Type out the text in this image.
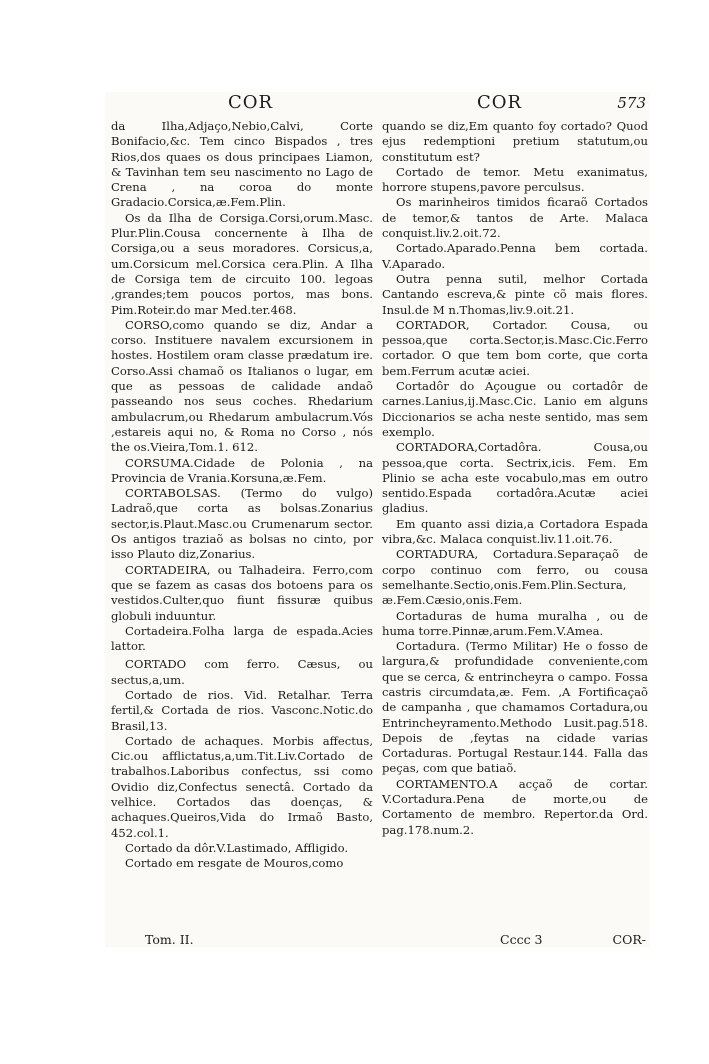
COR	COR	573

da Ilha,Adjaço,Nebio,Calvi, Corte Bonifacio,&c. Tem cinco Bispados , tres Rios,dos quaes os dous principaes Liamon, & Tavinhan tem seu nascimento no Lago de Crena , na coroa do monte Gradacio.Corsica,æ.Fem.Plin.

Os da Ilha de Corsiga.Corsi,orum.Masc. Plur.Plin.Cousa concernente à Ilha de Corsiga,ou a seus moradores. Corsicus,a, um.Corsicum mel.Corsica cera.Plin. A Ilha de Corsiga tem de circuito 100. legoas ,grandes;tem poucos portos, mas bons. Pim.Roteir.do mar Med.ter.468.

CORSO,como quando se diz, Andar a corso. Instituere navalem excursionem in hostes. Hostilem oram classe prædatum ire. Corso.Assi chamaõ os Italianos o lugar, em que as pessoas de calidade andaõ passeando nos seus coches. Rhedarium ambulacrum,ou Rhedarum ambulacrum.Vós ,estareis aqui no, & Roma no Corso , nós the os.Vieira,Tom.1. 612.

CORSUMA.Cidade de Polonia , na Provincia de Vrania.Korsuna,æ.Fem.

CORTABOLSAS. (Termo do vulgo) Ladraõ,que corta as bolsas.Zonarius sector,is.Plaut.Masc.ou Crumenarum sector. Os antigos traziaõ as bolsas no cinto, por isso Plauto diz,Zonarius.

CORTADEIRA, ou Talhadeira. Ferro,com que se fazem as casas dos botoens para os vestidos.Culter,quo fiunt fissuræ quibus globuli induuntur.

Cortadeira.Folha larga de espada.Acies lattor.

CORTADO com ferro. Cæsus, ou sectus,a,um.

Cortado de rios. Vid. Retalhar. Terra fertil,& Cortada de rios. Vasconc.Notic.do Brasil,13.

Cortado de achaques. Morbis affectus, Cic.ou afflictatus,a,um.Tit.Liv.Cortado de trabalhos.Laboribus confectus, ssi como Ovidio diz,Confectus senectâ. Cortado da velhice. Cortados das doenças, & achaques.Queiros,Vida do Irmaõ Basto, 452.col.1.

Cortado da dôr.V.Lastimado, Affligido.

Cortado em resgate de Mouros,como

quando se diz,Em quanto foy cortado? Quod ejus redemptioni pretium statutum,ou constitutum est?

Cortado de temor. Metu exanimatus, horrore stupens,pavore perculsus.

Os marinheiros timidos ficaraõ Cortados de temor,& tantos de Arte. Malaca conquist.liv.2.oit.72.

Cortado.Aparado.Penna bem cortada. V.Aparado.

Outra penna sutil, melhor Cortada Cantando escreva,& pinte cõ mais flores. Insul.de M n.Thomas,liv.9.oit.21.

CORTADOR, Cortador. Cousa, ou pessoa,que corta.Sector,is.Masc.Cic.Ferro cortador. O que tem bom corte, que corta bem.Ferrum acutæ aciei.

Cortadôr do Açougue ou cortadôr de carnes.Lanius,ij.Masc.Cic. Lanio em alguns Diccionarios se acha neste sentido, mas sem exemplo.

CORTADORA,Cortadôra. Cousa,ou pessoa,que corta. Sectrix,icis. Fem. Em Plinio se acha este vocabulo,mas em outro sentido.Espada cortadôra.Acutæ aciei gladius.

Em quanto assi dizia,a Cortadora Espada vibra,&c. Malaca conquist.liv.11.oit.76.

CORTADURA, Cortadura.Separaçaõ de corpo continuo com ferro, ou cousa semelhante.Sectio,onis.Fem.Plin.Sectura, æ.Fem.Cæsio,onis.Fem.

Cortaduras de huma muralha , ou de huma torre.Pinnæ,arum.Fem.V.Amea.

Cortadura. (Termo Militar) He o fosso de largura,& profundidade conveniente,com que se cerca, & entrincheyra o campo. Fossa castris circumdata,æ. Fem. ,A Fortificaçaõ de campanha , que chamamos Cortadura,ou Entrincheyramento.Methodo Lusit.pag.518. Depois de ,feytas na cidade varias Cortaduras. Portugal Restaur.144. Falla das peças, com que batiaõ.

CORTAMENTO.A acçaõ de cortar. V.Cortadura.Pena de morte,ou de Cortamento de membro. Repertor.da Ord. pag.178.num.2.

Tom. II.	Cccc 3	COR-
